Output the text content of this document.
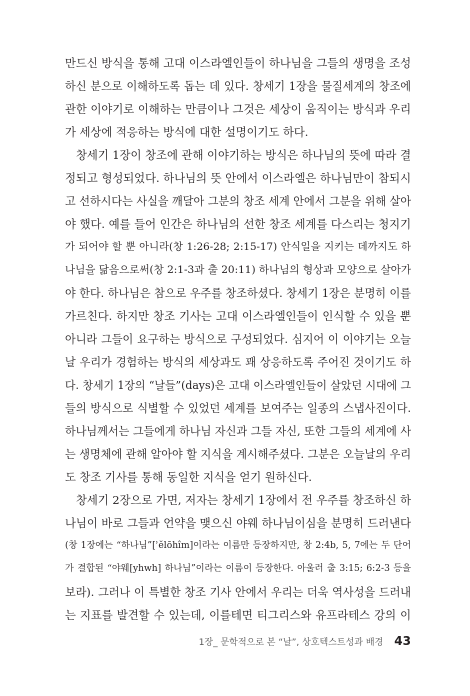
만드신 방식을 통해 고대 이스라엘인들이 하나님을 그들의 생명을 조성
하신 분으로 이해하도록 돕는 데 있다. 창세기 1장을 물질세계의 창조에
관한 이야기로 이해하는 만큼이나 그것은 세상이 움직이는 방식과 우리
가 세상에 적응하는 방식에 대한 설명이기도 하다.
창세기 1장이 창조에 관해 이야기하는 방식은 하나님의 뜻에 따라 결
정되고 형성되었다. 하나님의 뜻 안에서 이스라엘은 하나님만이 참되시
고 선하시다는 사실을 깨달아 그분의 창조 세계 안에서 그분을 위해 살아
야 했다. 예를 들어 인간은 하나님의 선한 창조 세계를 다스리는 청지기
가 되어야 할 뿐 아니라(창 1:26-28; 2:15-17) 안식일을 지키는 데까지도 하
나님을 닮음으로써(창 2:1-3과 출 20:11) 하나님의 형상과 모양으로 살아가
야 한다. 하나님은 참으로 우주를 창조하셨다. 창세기 1장은 분명히 이를
가르친다. 하지만 창조 기사는 고대 이스라엘인들이 인식할 수 있을 뿐
아니라 그들이 요구하는 방식으로 구성되었다. 심지어 이 이야기는 오늘
날 우리가 경험하는 방식의 세상과도 꽤 상응하도록 주어진 것이기도 하
다. 창세기 1장의 “날들”(days)은 고대 이스라엘인들이 살았던 시대에 그
들의 방식으로 식별할 수 있었던 세계를 보여주는 일종의 스냅사진이다.
하나님께서는 그들에게 하나님 자신과 그들 자신, 또한 그들의 세계에 사
는 생명체에 관해 알아야 할 지식을 계시해주셨다. 그분은 오늘날의 우리
도 창조 기사를 통해 동일한 지식을 얻기 원하신다.
창세기 2장으로 가면, 저자는 창세기 1장에서 전 우주를 창조하신 하
나님이 바로 그들과 언약을 맺으신 야웨 하나님이심을 분명히 드러낸다
(창 1장에는 “하나님”[ʾĕlōhîm]이라는 이름만 등장하지만, 창 2:4b, 5, 7에는 두 단어
가 결합된 “야웨[yhwh] 하나님”이라는 이름이 등장한다. 아울러 출 3:15; 6:2-3 등을
보라). 그러나 이 특별한 창조 기사 안에서 우리는 더욱 역사성을 드러내
는 지표를 발견할 수 있는데, 이를테면 티그리스와 유프라테스 강의 이
1장_ 문학적으로 본 “날”, 상호텍스트성과 배경 43
